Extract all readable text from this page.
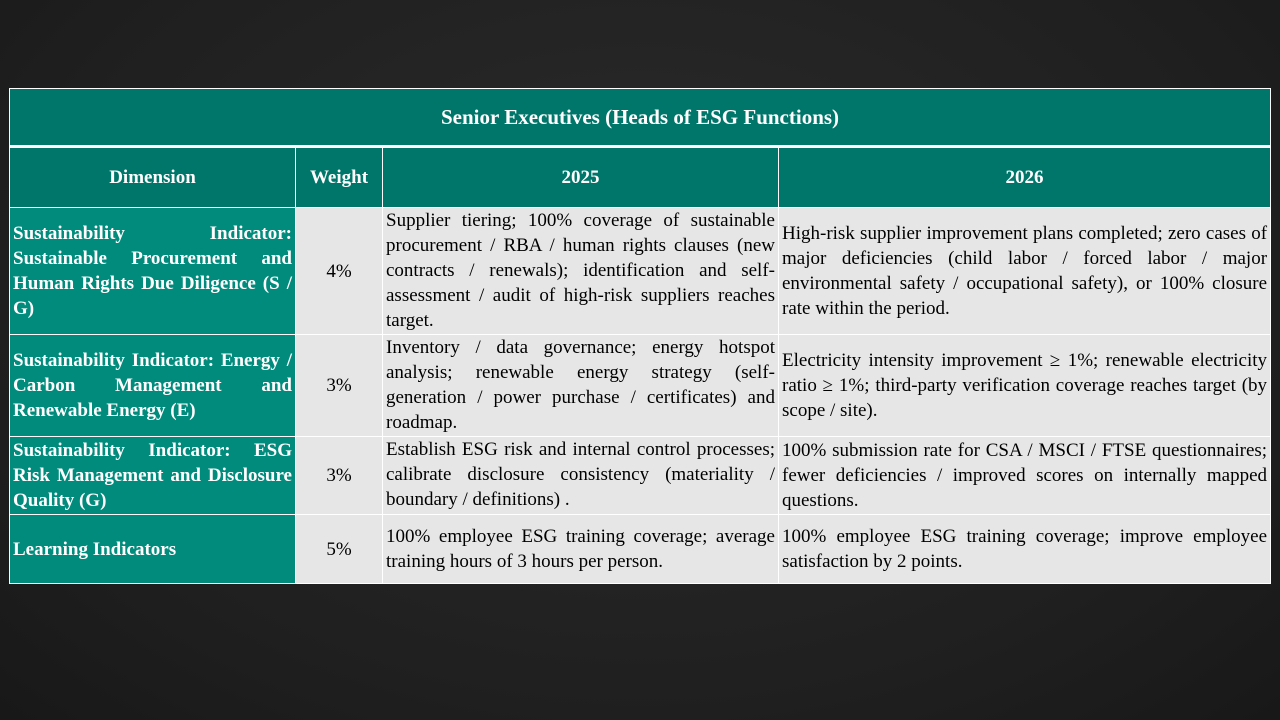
Senior Executives (Heads of ESG Functions)			
Dimension	Weight	2025	2026
Sustainability Indicator: Sustainable Procurement and Human Rights Due Diligence (S / G)	4%	Supplier tiering; 100% coverage of sustainable procurement / RBA / human rights clauses (new contracts / renewals); identification and self-assessment / audit of high-risk suppliers reaches target.	High-risk supplier improvement plans completed; zero cases of major deficiencies (child labor / forced labor / major environmental safety / occupational safety), or 100% closure rate within the period.
Sustainability Indicator: Energy / Carbon Management and Renewable Energy (E)	3%	Inventory / data governance; energy hotspot analysis; renewable energy strategy (self-generation / power purchase / certificates) and roadmap.	Electricity intensity improvement ≥ 1%; renewable electricity ratio ≥ 1%; third-party verification coverage reaches target (by scope / site).
Sustainability Indicator: ESG Risk Management and Disclosure Quality (G)	3%	Establish ESG risk and internal control processes; calibrate disclosure consistency (materiality / boundary / definitions) .	100% submission rate for CSA / MSCI / FTSE questionnaires; fewer deficiencies / improved scores on internally mapped questions.
Learning Indicators	5%	100% employee ESG training coverage; average training hours of 3 hours per person.	100% employee ESG training coverage; improve employee satisfaction by 2 points.
